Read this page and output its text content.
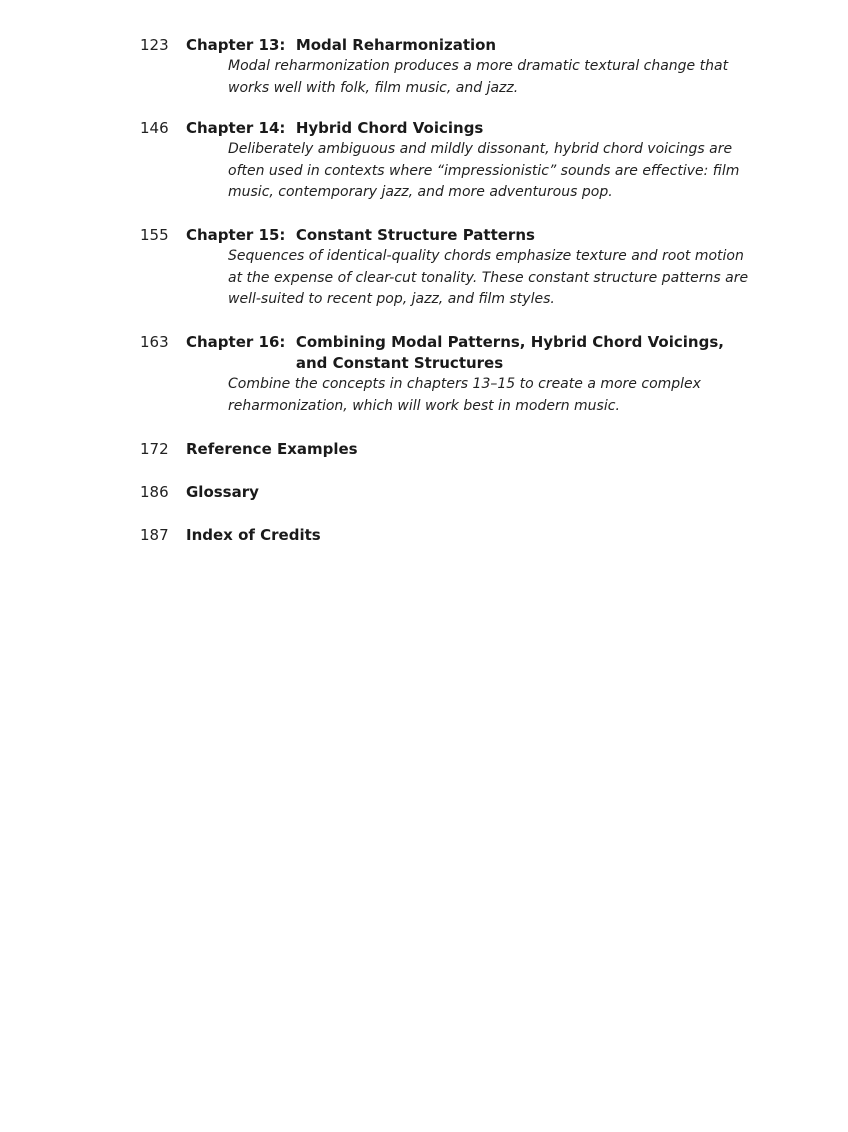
123 Chapter 13: Modal Reharmonization
Modal reharmonization produces a more dramatic textural change that
works well with folk, film music, and jazz.
146 Chapter 14: Hybrid Chord Voicings
Deliberately ambiguous and mildly dissonant, hybrid chord voicings are
often used in contexts where “impressionistic” sounds are effective: film
music, contemporary jazz, and more adventurous pop.
155 Chapter 15: Constant Structure Patterns
Sequences of identical-quality chords emphasize texture and root motion
at the expense of clear-cut tonality. These constant structure patterns are
well-suited to recent pop, jazz, and film styles.
163 Chapter 16: Combining Modal Patterns, Hybrid Chord Voicings,
and Constant Structures
Combine the concepts in chapters 13–15 to create a more complex
reharmonization, which will work best in modern music.
172 Reference Examples
186 Glossary
187 Index of Credits
